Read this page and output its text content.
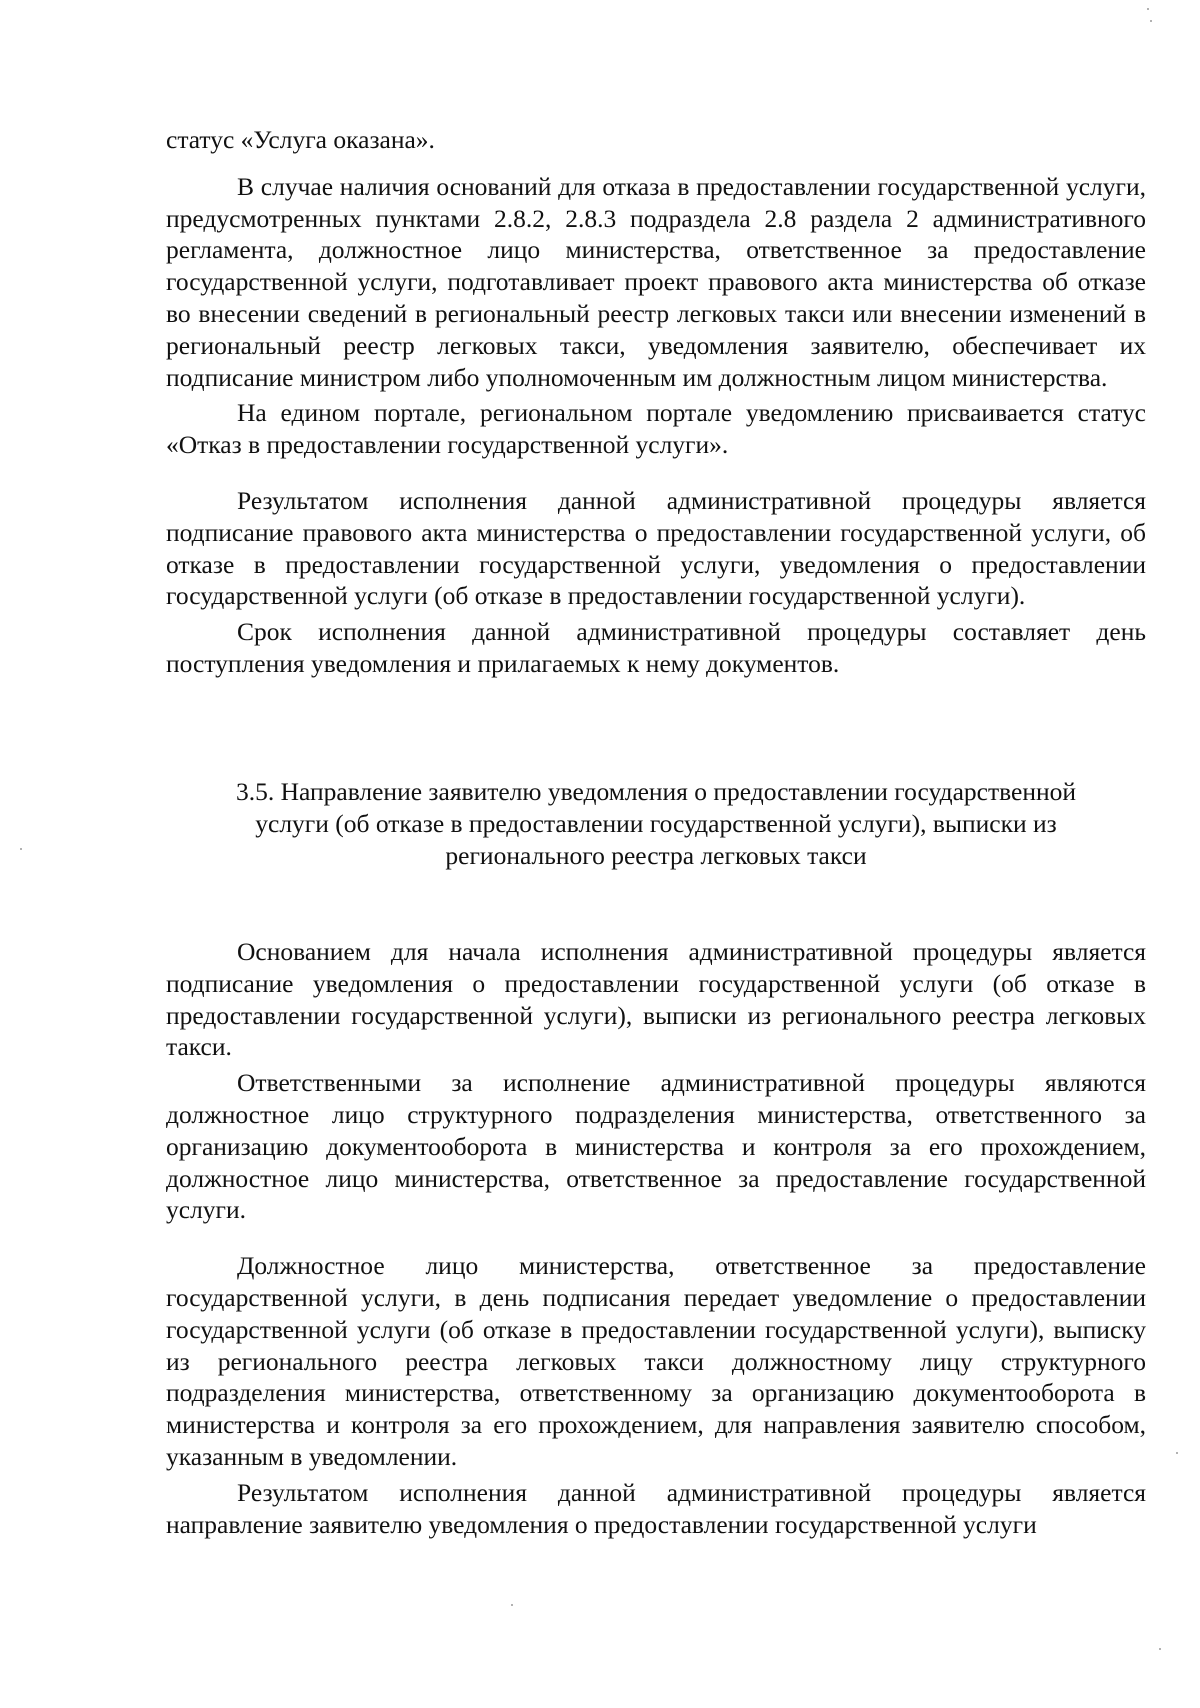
статус «Услуга оказана».

В случае наличия оснований для отказа в предоставлении государственной услуги, предусмотренных пунктами 2.8.2, 2.8.3 подраздела 2.8 раздела 2 административного регламента, должностное лицо министерства, ответственное за предоставление государственной услуги, подготавливает проект правового акта министерства об отказе во внесении сведений в региональный реестр легковых такси или внесении изменений в региональный реестр легковых такси, уведомления заявителю, обеспечивает их подписание министром либо уполномоченным им должностным лицом министерства.

На едином портале, региональном портале уведомлению присваивается статус «Отказ в предоставлении государственной услуги».

Результатом исполнения данной административной процедуры является подписание правового акта министерства о предоставлении государственной услуги, об отказе в предоставлении государственной услуги, уведомления о предоставлении государственной услуги (об отказе в предоставлении государственной услуги).

Срок исполнения данной административной процедуры составляет день поступления уведомления и прилагаемых к нему документов.

3.5. Направление заявителю уведомления о предоставлении государственной
услуги (об отказе в предоставлении государственной услуги), выписки из
регионального реестра легковых такси

Основанием для начала исполнения административной процедуры является подписание уведомления о предоставлении государственной услуги (об отказе в предоставлении государственной услуги), выписки из регионального реестра легковых такси.

Ответственными за исполнение административной процедуры являются должностное лицо структурного подразделения министерства, ответственного за организацию документооборота в министерства и контроля за его прохождением, должностное лицо министерства, ответственное за предоставление государственной услуги.

Должностное лицо министерства, ответственное за предоставление государственной услуги, в день подписания передает уведомление о предоставлении государственной услуги (об отказе в предоставлении государственной услуги), выписку из регионального реестра легковых такси должностному лицу структурного подразделения министерства, ответственному за организацию документооборота в министерства и контроля за его прохождением, для направления заявителю способом, указанным в уведомлении.

Результатом исполнения данной административной процедуры является направление заявителю уведомления о предоставлении государственной услуги
